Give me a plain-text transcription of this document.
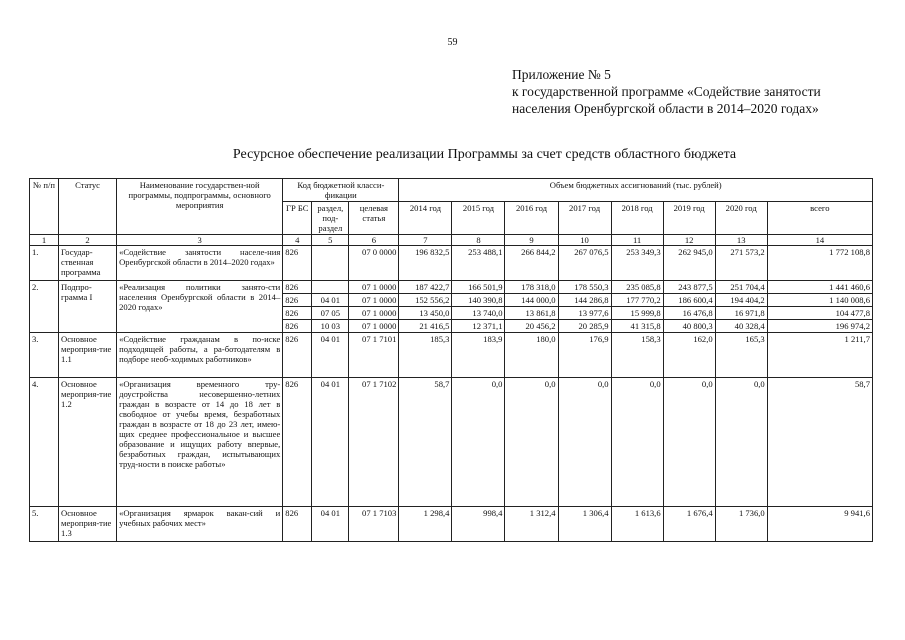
59
Приложение № 5
к государственной программе «Содействие занятости
населения Оренбургской области в 2014–2020 годах»
Ресурсное обеспечение реализации Программы за счет средств областного бюджета
№ п/п	Статус	Наименование государствен-ной программы, подпрограммы, основного мероприятия	Код бюджетной класси-фикации			Объем бюджетных ассигнований (тыс. рублей)							
			ГР БС	раздел, под-раздел	целевая статья	2014 год	2015 год	2016 год	2017 год	2018 год	2019 год	2020 год	всего
1	2	3	4	5	6	7	8	9	10	11	12	13	14
1.	Государ-ственная программа	«Содействие занятости населе-ния Оренбургской области в 2014–2020 годах»	826		07 0 0000	196 832,5	253 488,1	266 844,2	267 076,5	253 349,3	262 945,0	271 573,2	1 772 108,8
2.	Подпро-грамма I	«Реализация политики занято-сти населения Оренбургской области в 2014–2020 годах»	826		07 1 0000	187 422,7	166 501,9	178 318,0	178 550,3	235 085,8	243 877,5	251 704,4	1 441 460,6
			826	04 01	07 1 0000	152 556,2	140 390,8	144 000,0	144 286,8	177 770,2	186 600,4	194 404,2	1 140 008,6
			826	07 05	07 1 0000	13 450,0	13 740,0	13 861,8	13 977,6	15 999,8	16 476,8	16 971,8	104 477,8
			826	10 03	07 1 0000	21 416,5	12 371,1	20 456,2	20 285,9	41 315,8	40 800,3	40 328,4	196 974,2
3.	Основное мероприя-тие 1.1	«Содействие гражданам в по-иске подходящей работы, а ра-ботодателям в подборе необ-ходимых работников»	826	04 01	07 1 7101	185,3	183,9	180,0	176,9	158,3	162,0	165,3	1 211,7
4.	Основное мероприя-тие 1.2	«Организация временного тру-доустройства несовершенно-летних граждан в возрасте от 14 до 18 лет в свободное от учебы время, безработных граждан в возрасте от 18 до 23 лет, имею-щих среднее профессиональное и высшее образование и ищущих работу впервые, безработных граждан, испытывающих труд-ности в поиске работы»	826	04 01	07 1 7102	58,7	0,0	0,0	0,0	0,0	0,0	0,0	58,7
5.	Основное мероприя-тие 1.3	«Организация ярмарок вакан-сий и учебных рабочих мест»	826	04 01	07 1 7103	1 298,4	998,4	1 312,4	1 306,4	1 613,6	1 676,4	1 736,0	9 941,6
